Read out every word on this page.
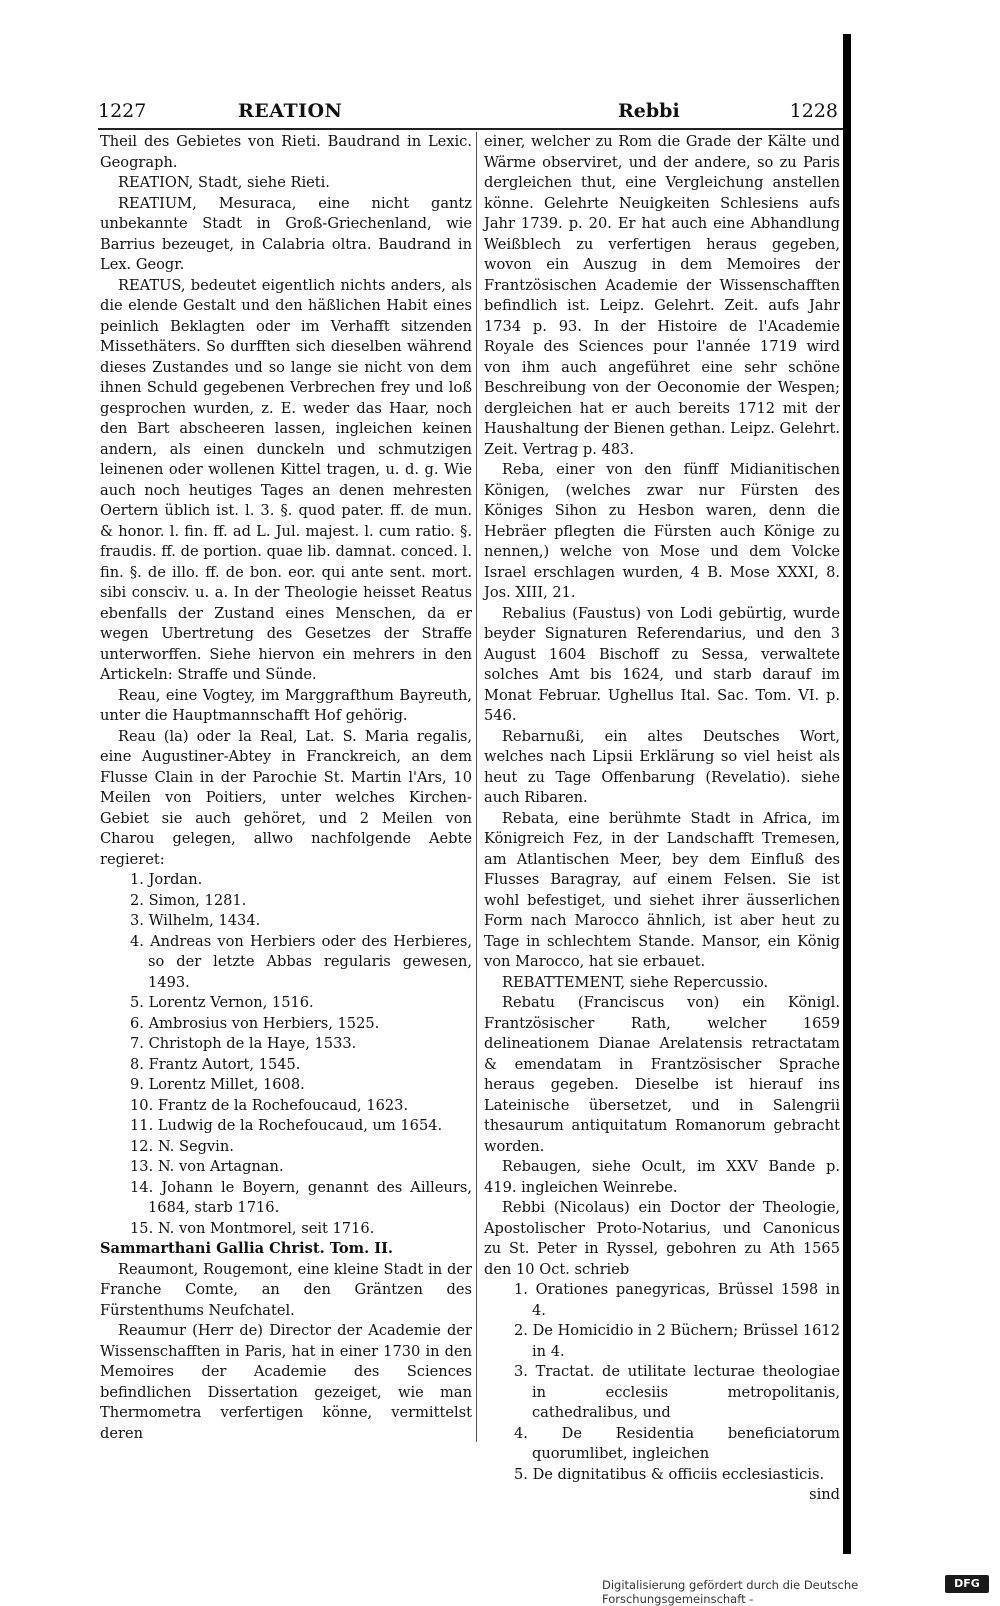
1227	REATION	Rebbi	1228

Theil des Gebietes von Rieti. Baudrand in Lexic. Geograph.

REATION, Stadt, siehe Rieti.

REATIUM, Mesuraca, eine nicht gantz unbekannte Stadt in Groß-Griechenland, wie Barrius bezeuget, in Calabria oltra. Baudrand in Lex. Geogr.

REATUS, bedeutet eigentlich nichts anders, als die elende Gestalt und den häßlichen Habit eines peinlich Beklagten oder im Verhafft sitzenden Missethäters. So durfften sich dieselben während dieses Zustandes und so lange sie nicht von dem ihnen Schuld gegebenen Verbrechen frey und loß gesprochen wurden, z. E. weder das Haar, noch den Bart abscheeren lassen, ingleichen keinen andern, als einen dunckeln und schmutzigen leinenen oder wollenen Kittel tragen, u. d. g. Wie auch noch heutiges Tages an denen mehresten Oertern üblich ist. l. 3. §. quod pater. ff. de mun. & honor. l. fin. ff. ad L. Jul. majest. l. cum ratio. §. fraudis. ff. de portion. quae lib. damnat. conced. l. fin. §. de illo. ff. de bon. eor. qui ante sent. mort. sibi consciv. u. a. In der Theologie heisset Reatus ebenfalls der Zustand eines Menschen, da er wegen Ubertretung des Gesetzes der Straffe unterworffen. Siehe hiervon ein mehrers in den Artickeln: Straffe und Sünde.

Reau, eine Vogtey, im Marggrafthum Bayreuth, unter die Hauptmannschafft Hof gehörig.

Reau (la) oder la Real, Lat. S. Maria regalis, eine Augustiner-Abtey in Franckreich, an dem Flusse Clain in der Parochie St. Martin l'Ars, 10 Meilen von Poitiers, unter welches Kirchen-Gebiet sie auch gehöret, und 2 Meilen von Charou gelegen, allwo nachfolgende Aebte regieret:

1. Jordan.
2. Simon, 1281.
3. Wilhelm, 1434.
4. Andreas von Herbiers oder des Herbieres, so der letzte Abbas regularis gewesen, 1493.
5. Lorentz Vernon, 1516.
6. Ambrosius von Herbiers, 1525.
7. Christoph de la Haye, 1533.
8. Frantz Autort, 1545.
9. Lorentz Millet, 1608.
10. Frantz de la Rochefoucaud, 1623.
11. Ludwig de la Rochefoucaud, um 1654.
12. N. Segvin.
13. N. von Artagnan.
14. Johann le Boyern, genannt des Ailleurs, 1684, starb 1716.
15. N. von Montmorel, seit 1716.

Sammarthani Gallia Christ. Tom. II.

Reaumont, Rougemont, eine kleine Stadt in der Franche Comte, an den Gräntzen des Fürstenthums Neufchatel.

Reaumur (Herr de) Director der Academie der Wissenschafften in Paris, hat in einer 1730 in den Memoires der Academie des Sciences befindlichen Dissertation gezeiget, wie man Thermometra verfertigen könne, vermittelst deren

einer, welcher zu Rom die Grade der Kälte und Wärme observiret, und der andere, so zu Paris dergleichen thut, eine Vergleichung anstellen könne. Gelehrte Neuigkeiten Schlesiens aufs Jahr 1739. p. 20. Er hat auch eine Abhandlung Weißblech zu verfertigen heraus gegeben, wovon ein Auszug in dem Memoires der Frantzösischen Academie der Wissenschafften befindlich ist. Leipz. Gelehrt. Zeit. aufs Jahr 1734 p. 93. In der Histoire de l'Academie Royale des Sciences pour l'année 1719 wird von ihm auch angeführet eine sehr schöne Beschreibung von der Oeconomie der Wespen; dergleichen hat er auch bereits 1712 mit der Haushaltung der Bienen gethan. Leipz. Gelehrt. Zeit. Vertrag p. 483.

Reba, einer von den fünff Midianitischen Königen, (welches zwar nur Fürsten des Königes Sihon zu Hesbon waren, denn die Hebräer pflegten die Fürsten auch Könige zu nennen,) welche von Mose und dem Volcke Israel erschlagen wurden, 4 B. Mose XXXI, 8. Jos. XIII, 21.

Rebalius (Faustus) von Lodi gebürtig, wurde beyder Signaturen Referendarius, und den 3 August 1604 Bischoff zu Sessa, verwaltete solches Amt bis 1624, und starb darauf im Monat Februar. Ughellus Ital. Sac. Tom. VI. p. 546.

Rebarnußi, ein altes Deutsches Wort, welches nach Lipsii Erklärung so viel heist als heut zu Tage Offenbarung (Revelatio). siehe auch Ribaren.

Rebata, eine berühmte Stadt in Africa, im Königreich Fez, in der Landschafft Tremesen, am Atlantischen Meer, bey dem Einfluß des Flusses Baragray, auf einem Felsen. Sie ist wohl befestiget, und siehet ihrer äusserlichen Form nach Marocco ähnlich, ist aber heut zu Tage in schlechtem Stande. Mansor, ein König von Marocco, hat sie erbauet.

REBATTEMENT, siehe Repercussio.

Rebatu (Franciscus von) ein Königl. Frantzösischer Rath, welcher 1659 delineationem Dianae Arelatensis retractatam & emendatam in Frantzösischer Sprache heraus gegeben. Dieselbe ist hierauf ins Lateinische übersetzet, und in Salengrii thesaurum antiquitatum Romanorum gebracht worden.

Rebaugen, siehe Ocult, im XXV Bande p. 419. ingleichen Weinrebe.

Rebbi (Nicolaus) ein Doctor der Theologie, Apostolischer Proto-Notarius, und Canonicus zu St. Peter in Ryssel, gebohren zu Ath 1565 den 10 Oct. schrieb

1. Orationes panegyricas, Brüssel 1598 in 4.
2. De Homicidio in 2 Büchern; Brüssel 1612 in 4.
3. Tractat. de utilitate lecturae theologiae in ecclesiis metropolitanis, cathedralibus, und
4. De Residentia beneficiatorum quorumlibet, ingleichen
5. De dignitatibus & officiis ecclesiasticis.

sind

Digitalisierung gefördert durch die Deutsche Forschungsgemeinschaft -
DFG
